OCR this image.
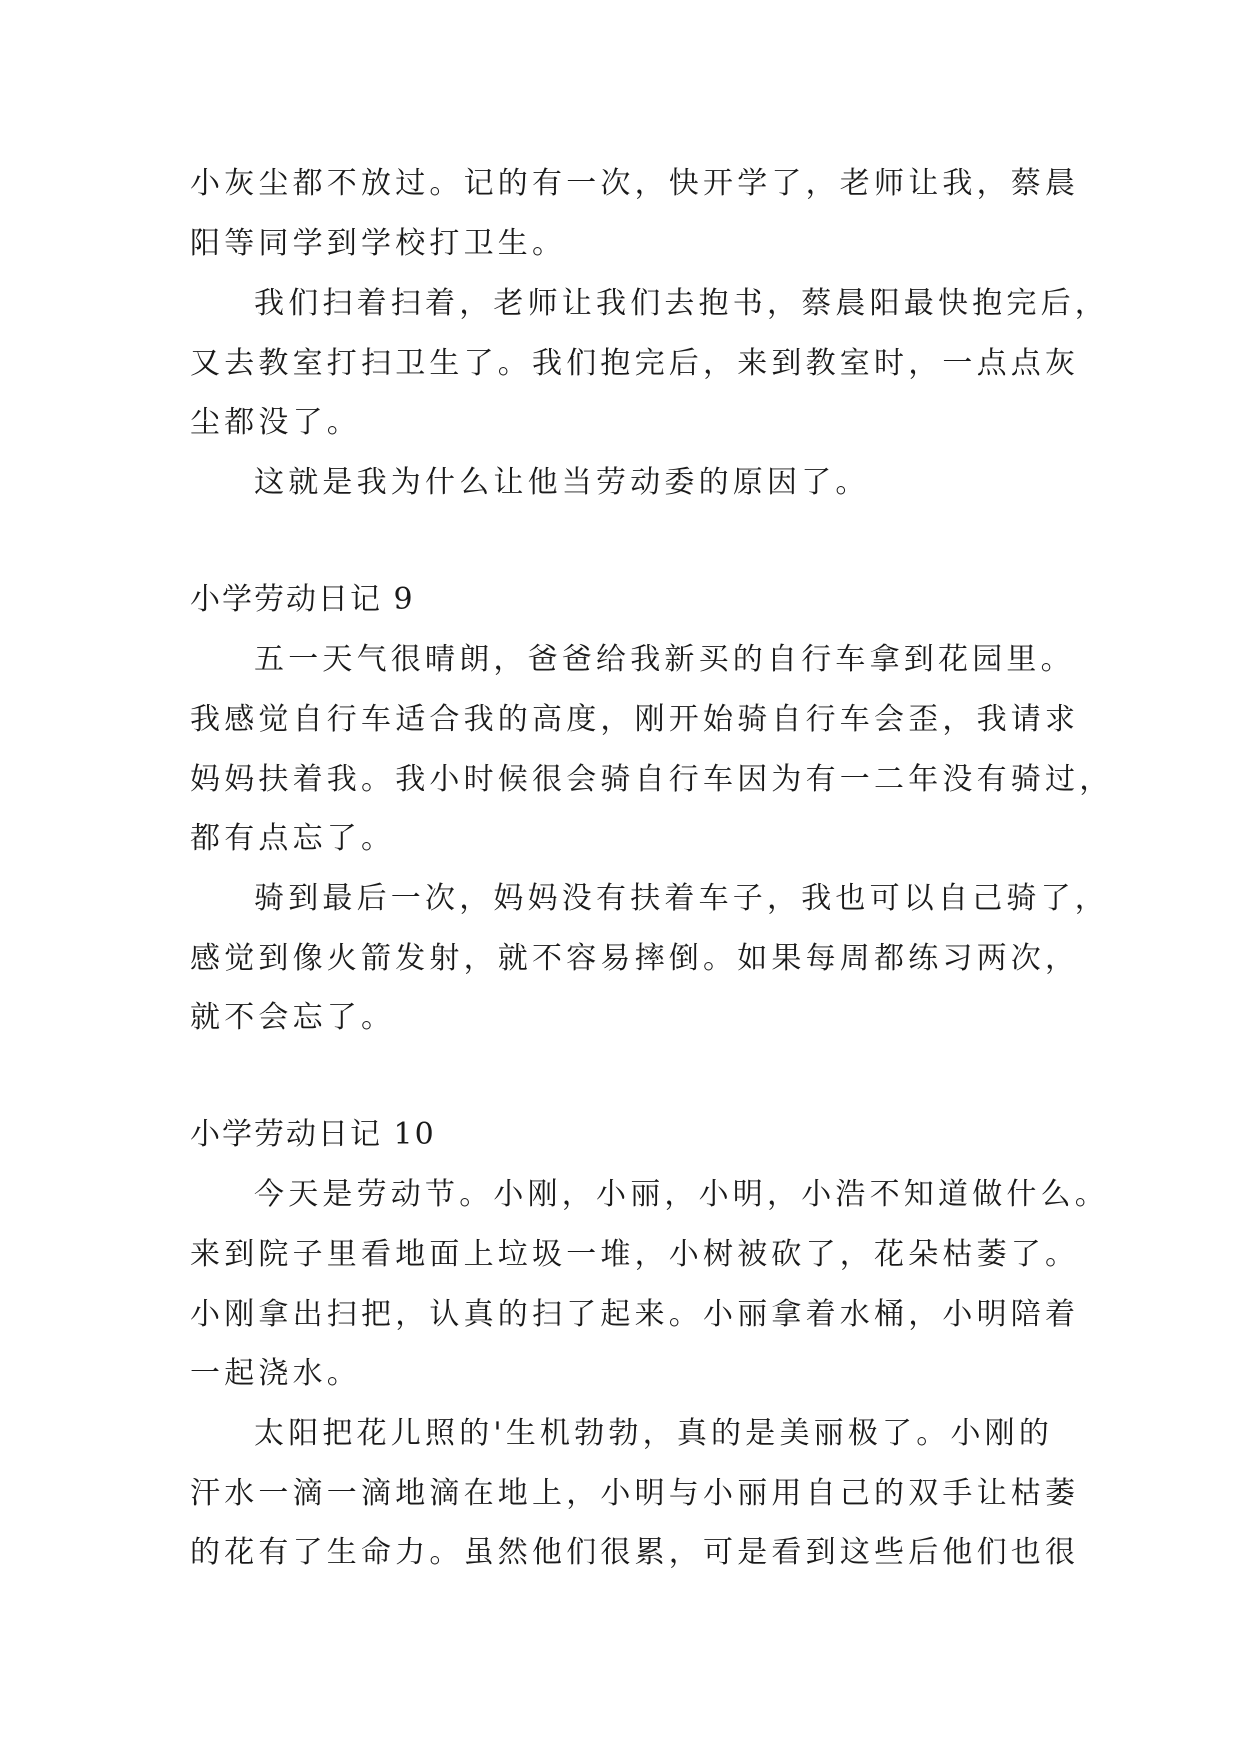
小灰尘都不放过。记的有一次，快开学了，老师让我，蔡晨
阳等同学到学校打卫生。
我们扫着扫着，老师让我们去抱书，蔡晨阳最快抱完后，
又去教室打扫卫生了。我们抱完后，来到教室时，一点点灰
尘都没了。
这就是我为什么让他当劳动委的原因了。
小学劳动日记 9
五一天气很晴朗，爸爸给我新买的自行车拿到花园里。
我感觉自行车适合我的高度，刚开始骑自行车会歪，我请求
妈妈扶着我。我小时候很会骑自行车因为有一二年没有骑过，
都有点忘了。
骑到最后一次，妈妈没有扶着车子，我也可以自己骑了，
感觉到像火箭发射，就不容易摔倒。如果每周都练习两次，
就不会忘了。
小学劳动日记 10
今天是劳动节。小刚，小丽，小明，小浩不知道做什么。
来到院子里看地面上垃圾一堆，小树被砍了，花朵枯萎了。
小刚拿出扫把，认真的扫了起来。小丽拿着水桶，小明陪着
一起浇水。
太阳把花儿照的'生机勃勃，真的是美丽极了。小刚的
汗水一滴一滴地滴在地上，小明与小丽用自己的双手让枯萎
的花有了生命力。虽然他们很累，可是看到这些后他们也很
